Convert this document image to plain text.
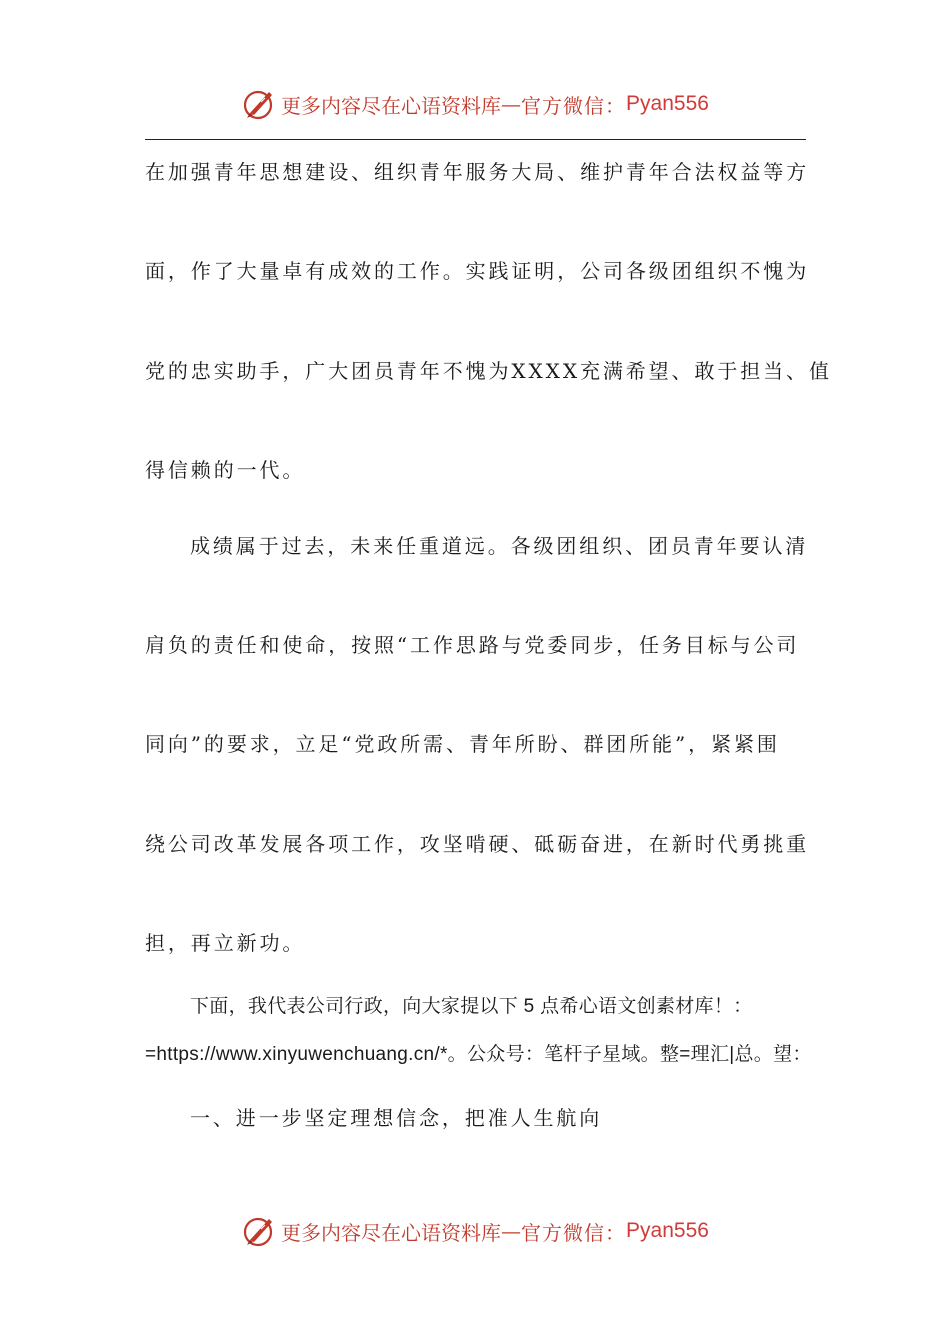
更多内容尽在心语资料库 — 官方微信： Pyan556
在加强青年思想建设、组织青年服务大局、维护青年合法权益等方
面，作了大量卓有成效的工作。实践证明，公司各级团组织不愧为
党的忠实助手，广大团员青年不愧为XXXX充满希望、敢于担当、值
得信赖的一代。
成绩属于过去，未来任重道远。各级团组织、团员青年要认清
肩负的责任和使命，按照“工作思路与党委同步，任务目标与公司
同向”的要求，立足“党政所需、青年所盼、群团所能”，紧紧围
绕公司改革发展各项工作，攻坚啃硬、砥砺奋进，在新时代勇挑重
担，再立新功。
下面，我代表公司行政，向大家提以下 5 点希心语文创素材库！：
=https://www.xinyuwenchuang.cn/*。公众号：笔杆子星域。整=理汇|总。望：
一、进一步坚定理想信念，把准人生航向
更多内容尽在心语资料库 — 官方微信： Pyan556
